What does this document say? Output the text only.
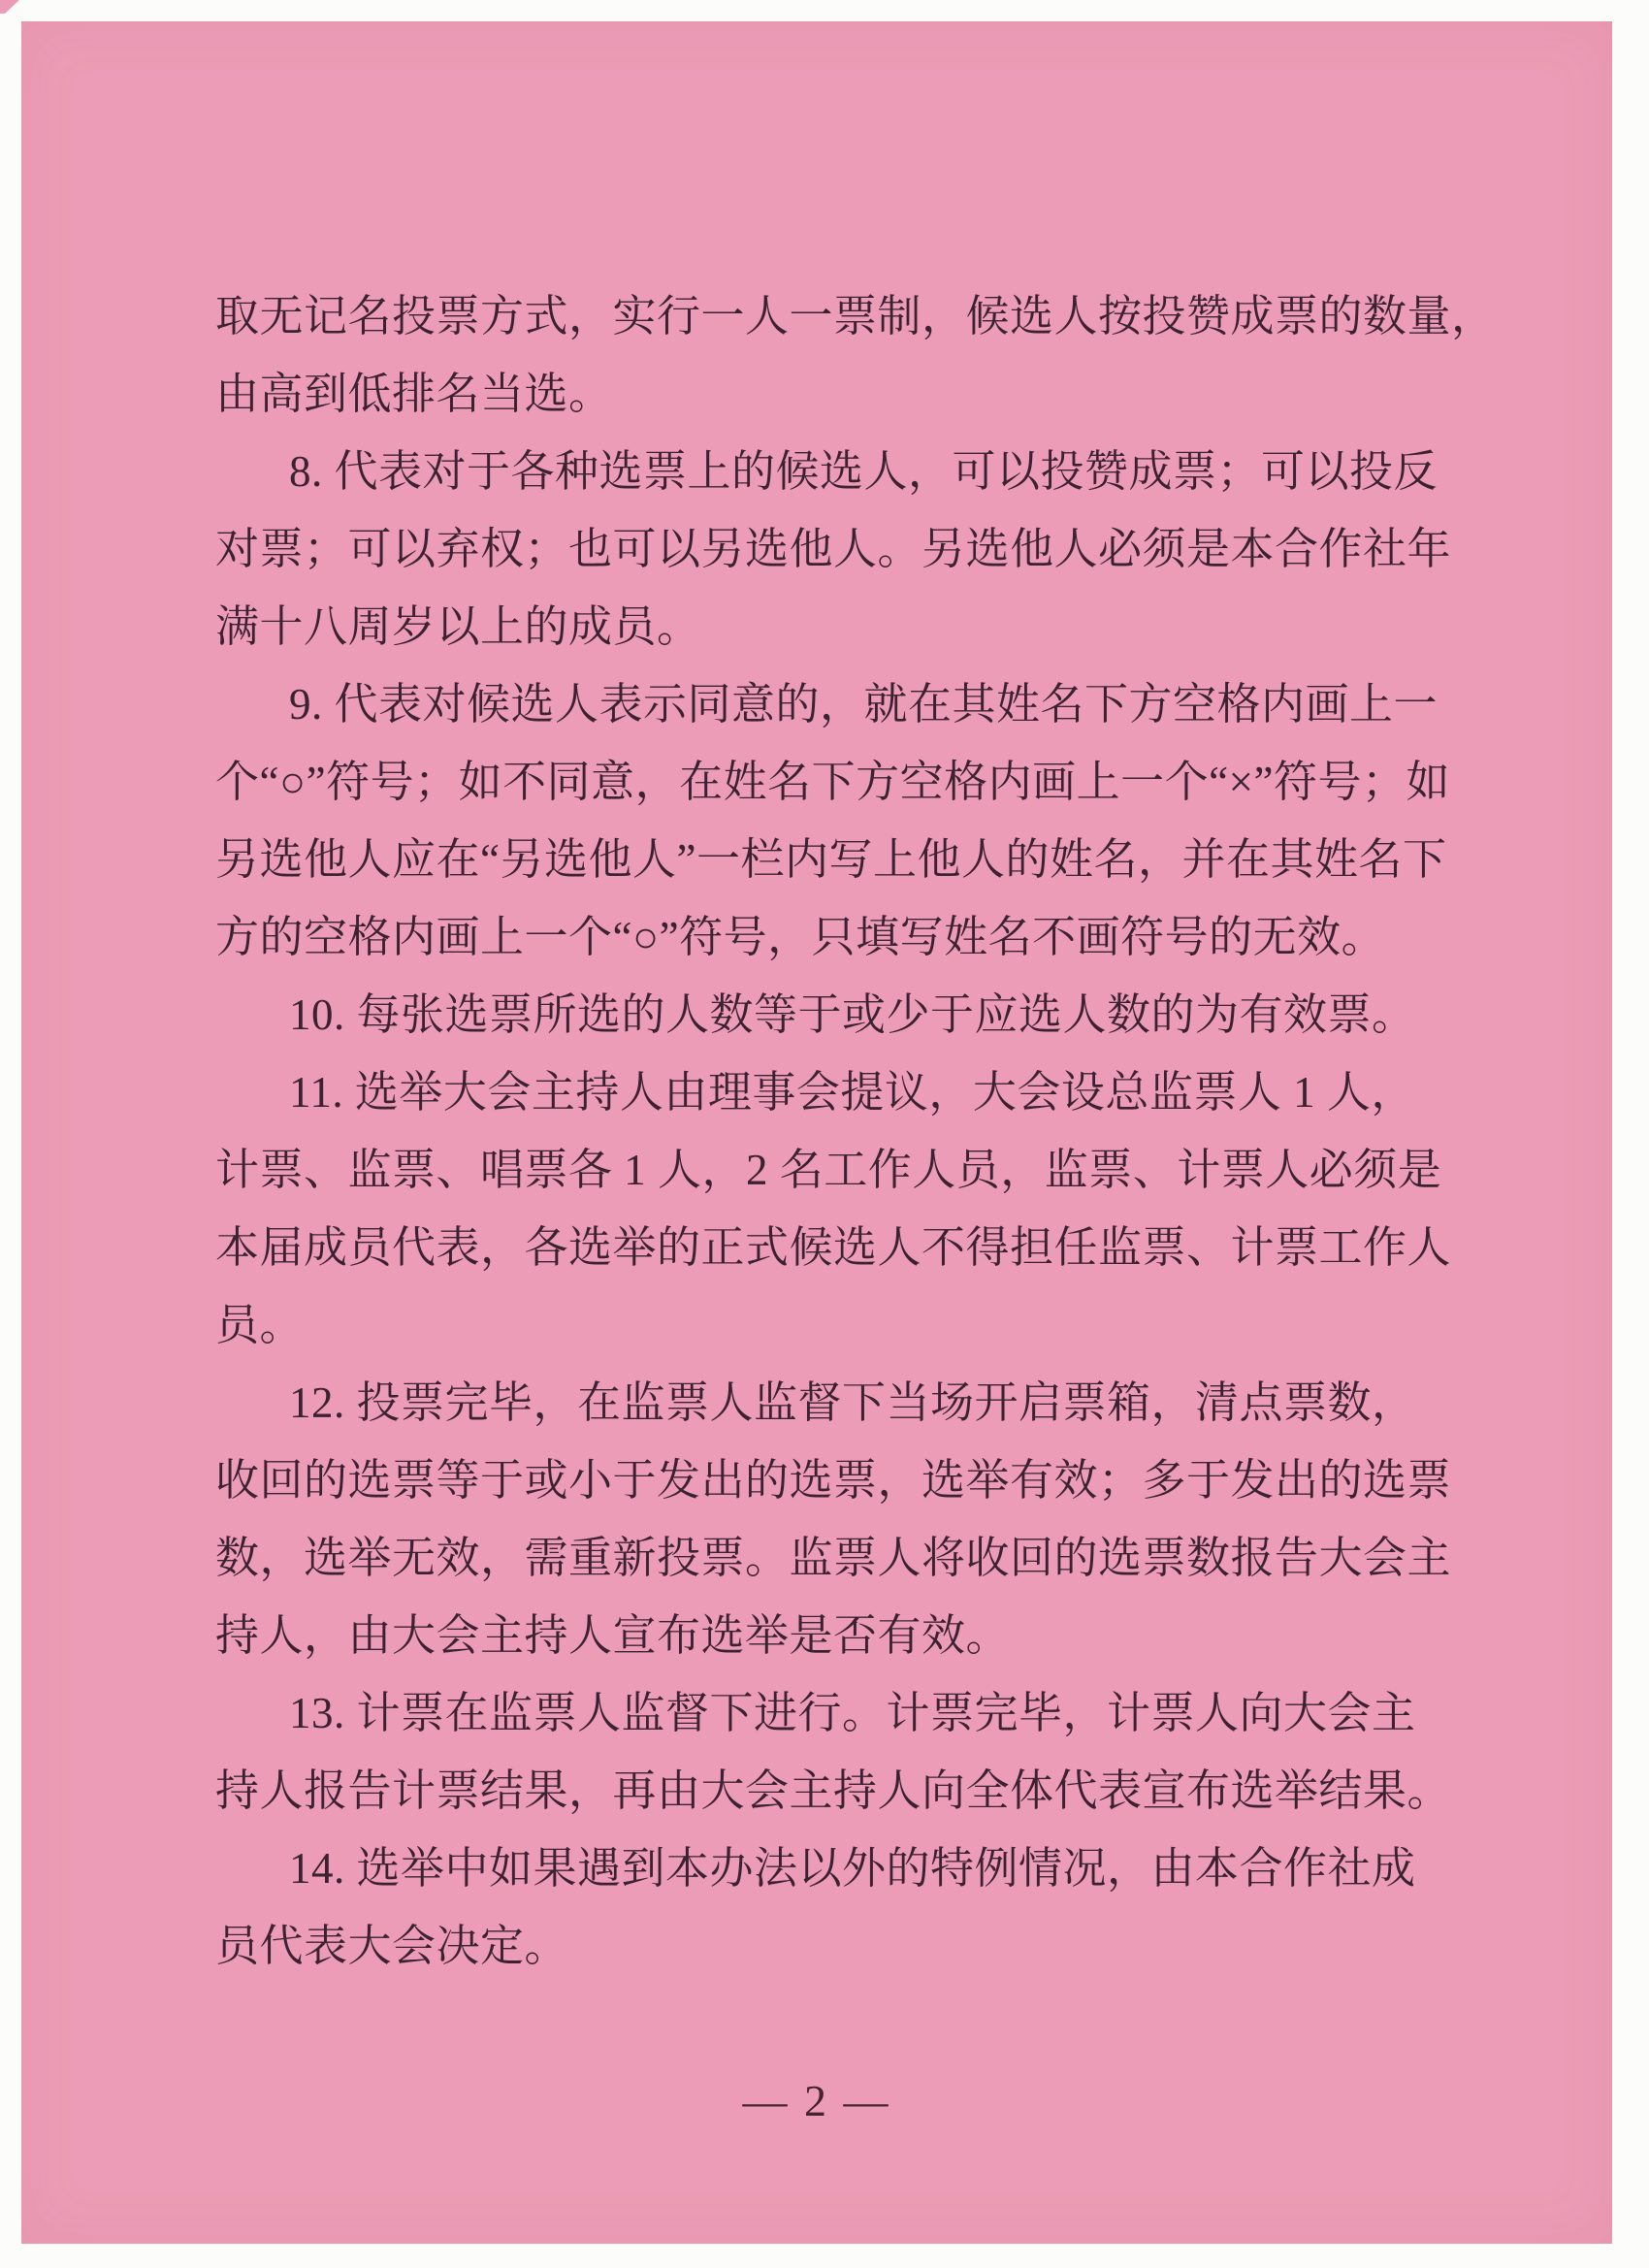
取无记名投票方式，实行一人一票制，候选人按投赞成票的数量，
由高到低排名当选。
8. 代表对于各种选票上的候选人，可以投赞成票；可以投反
对票；可以弃权；也可以另选他人。另选他人必须是本合作社年
满十八周岁以上的成员。
9. 代表对候选人表示同意的，就在其姓名下方空格内画上一
个“○”符号；如不同意，在姓名下方空格内画上一个“×”符号；如
另选他人应在“另选他人”一栏内写上他人的姓名，并在其姓名下
方的空格内画上一个“○”符号，只填写姓名不画符号的无效。
10. 每张选票所选的人数等于或少于应选人数的为有效票。
11. 选举大会主持人由理事会提议，大会设总监票人 1 人，
计票、监票、唱票各 1 人，2 名工作人员，监票、计票人必须是
本届成员代表，各选举的正式候选人不得担任监票、计票工作人
员。
12. 投票完毕，在监票人监督下当场开启票箱，清点票数，
收回的选票等于或小于发出的选票，选举有效；多于发出的选票
数，选举无效，需重新投票。监票人将收回的选票数报告大会主
持人，由大会主持人宣布选举是否有效。
13. 计票在监票人监督下进行。计票完毕，计票人向大会主
持人报告计票结果，再由大会主持人向全体代表宣布选举结果。
14. 选举中如果遇到本办法以外的特例情况，由本合作社成
员代表大会决定。
— 2 —
